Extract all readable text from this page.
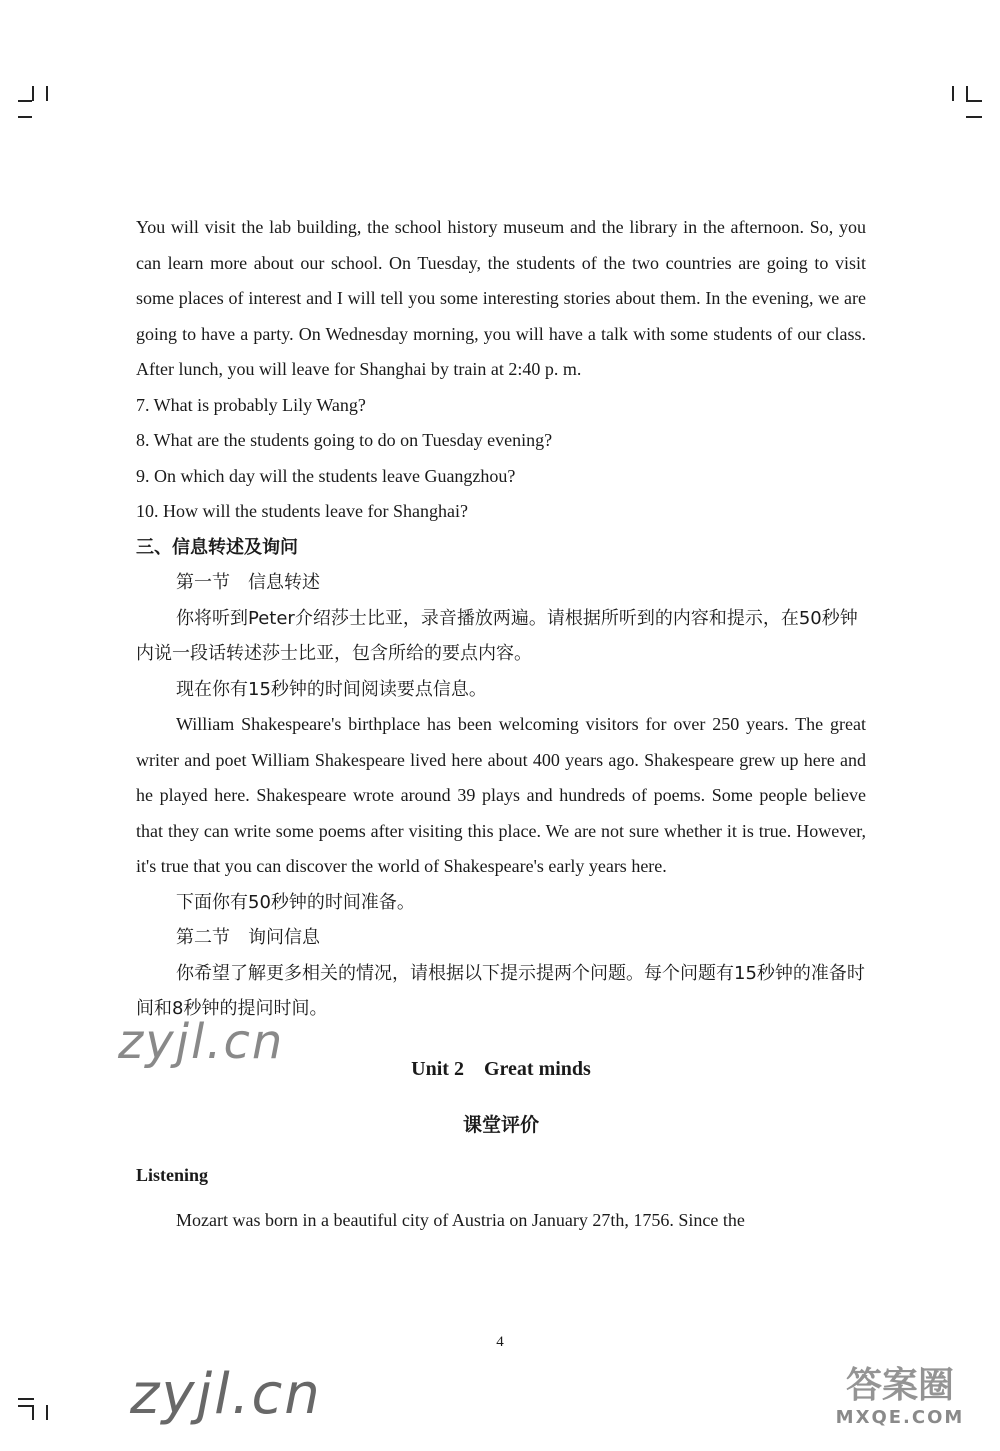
You will visit the lab building, the school history museum and the library in the afternoon. So, you can learn more about our school. On Tuesday, the students of the two countries are going to visit some places of interest and I will tell you some interesting stories about them. In the evening, we are going to have a party. On Wednesday morning, you will have a talk with some students of our class. After lunch, you will leave for Shanghai by train at 2:40 p. m.

7. What is probably Lily Wang?

8. What are the students going to do on Tuesday evening?

9. On which day will the students leave Guangzhou?

10. How will the students leave for Shanghai?

三、信息转述及询问

第一节　信息转述

你将听到Peter介绍莎士比亚，录音播放两遍。请根据所听到的内容和提示，在50秒钟内说一段话转述莎士比亚，包含所给的要点内容。

现在你有15秒钟的时间阅读要点信息。

William Shakespeare's birthplace has been welcoming visitors for over 250 years. The great writer and poet William Shakespeare lived here about 400 years ago. Shakespeare grew up here and he played here. Shakespeare wrote around 39 plays and hundreds of poems. Some people believe that they can write some poems after visiting this place. We are not sure whether it is true. However, it's true that you can discover the world of Shakespeare's early years here.

下面你有50秒钟的时间准备。

第二节　询问信息

你希望了解更多相关的情况，请根据以下提示提两个问题。每个问题有15秒钟的准备时间和8秒钟的提问时间。

Unit 2　Great minds
课堂评价
Listening

Mozart was born in a beautiful city of Austria on January 27th, 1756. Since the

4
zyjl.cn
zyjl.cn	答案圈
MXQE.COM
